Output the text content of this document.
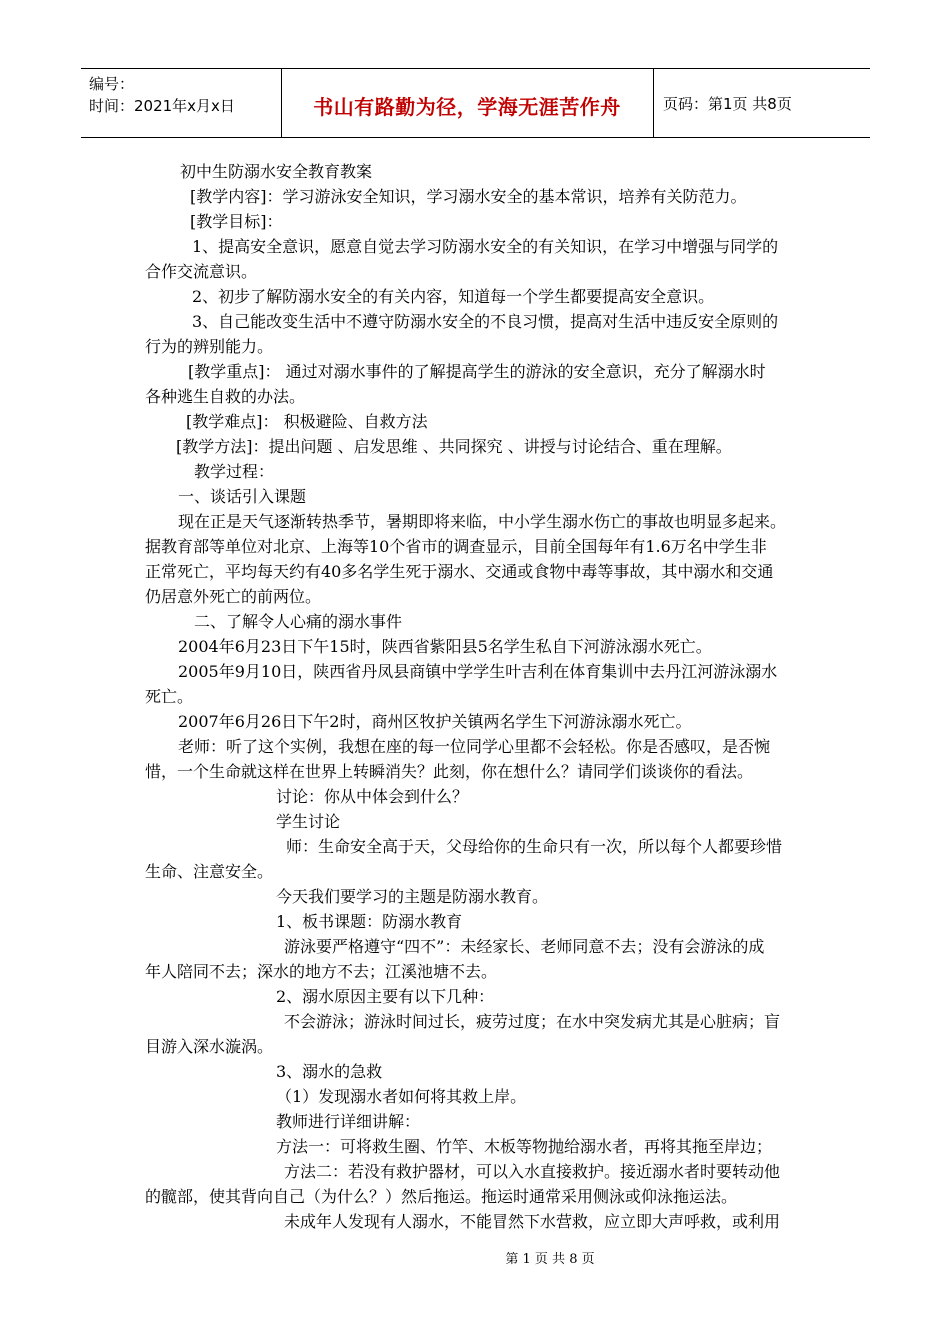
编号：
时间：2021年x月x日	书山有路勤为径，学海无涯苦作舟	页码：第1页 共8页
初中生防溺水安全教育教案
[教学内容]：学习游泳安全知识，学习溺水安全的基本常识，培养有关防范力。
[教学目标]：
1、提高安全意识，愿意自觉去学习防溺水安全的有关知识，在学习中增强与同学的
合作交流意识。
2、初步了解防溺水安全的有关内容，知道每一个学生都要提高安全意识。
3、自己能改变生活中不遵守防溺水安全的不良习惯，提高对生活中违反安全原则的
行为的辨别能力。
[教学重点]： 通过对溺水事件的了解提高学生的游泳的安全意识，充分了解溺水时
各种逃生自救的办法。
[教学难点]： 积极避险、自救方法
[教学方法]：提出问题 、启发思维 、共同探究 、讲授与讨论结合、重在理解。
教学过程：
一、谈话引入课题
现在正是天气逐渐转热季节，暑期即将来临，中小学生溺水伤亡的事故也明显多起来。
据教育部等单位对北京、上海等10个省市的调查显示，目前全国每年有1.6万名中学生非
正常死亡，平均每天约有40多名学生死于溺水、交通或食物中毒等事故，其中溺水和交通
仍居意外死亡的前两位。
二、了解令人心痛的溺水事件
2004年6月23日下午15时，陕西省紫阳县5名学生私自下河游泳溺水死亡。
2005年9月10日，陕西省丹凤县商镇中学学生叶吉利在体育集训中去丹江河游泳溺水
死亡。
2007年6月26日下午2时，商州区牧护关镇两名学生下河游泳溺水死亡。
老师：听了这个实例，我想在座的每一位同学心里都不会轻松。你是否感叹，是否惋
惜，一个生命就这样在世界上转瞬消失？此刻，你在想什么？请同学们谈谈你的看法。
讨论：你从中体会到什么？
学生讨论
师：生命安全高于天，父母给你的生命只有一次，所以每个人都要珍惜
生命、注意安全。
今天我们要学习的主题是防溺水教育。
1、板书课题：防溺水教育
游泳要严格遵守“四不”：未经家长、老师同意不去；没有会游泳的成
年人陪同不去；深水的地方不去；江溪池塘不去。
2、溺水原因主要有以下几种：
不会游泳；游泳时间过长，疲劳过度；在水中突发病尤其是心脏病；盲
目游入深水漩涡。
3、溺水的急救
（1）发现溺水者如何将其救上岸。
教师进行详细讲解：
方法一：可将救生圈、竹竿、木板等物抛给溺水者，再将其拖至岸边；
方法二：若没有救护器材，可以入水直接救护。接近溺水者时要转动他
的髋部，使其背向自己（为什么？）然后拖运。拖运时通常采用侧泳或仰泳拖运法。
未成年人发现有人溺水，不能冒然下水营救，应立即大声呼救，或利用
第 1 页 共 8 页
